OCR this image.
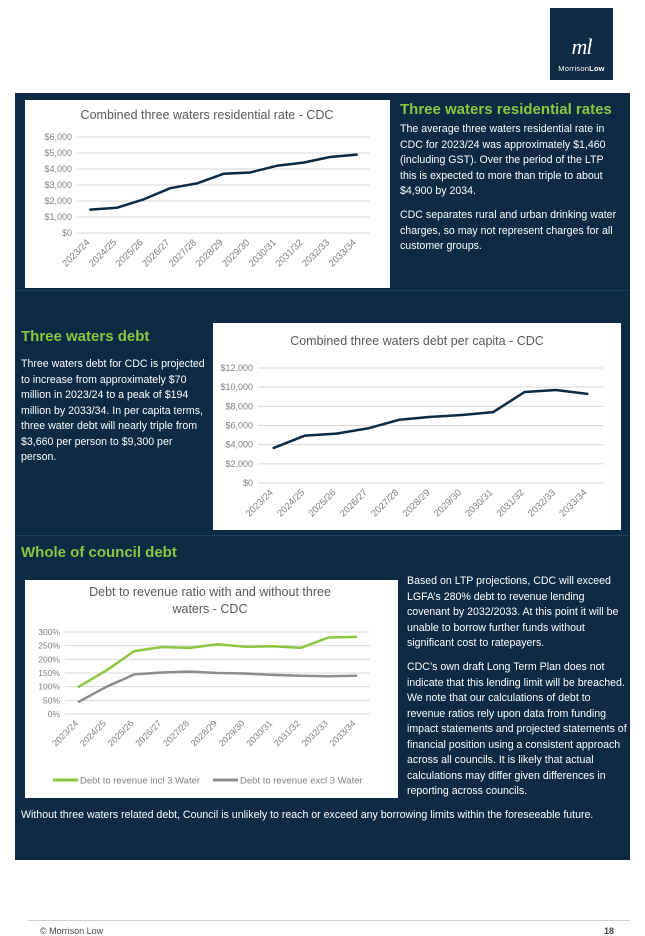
ml
MorrisonLow
Combined three waters residential rate - CDC
$0
$1,000
$2,000
$3,000
$4,000
$5,000
$6,000
2023/24
2024/25
2025/26
2026/27
2027/28
2028/29
2029/30
2030/31
2031/32
2032/33
2033/34
Three waters residential rates

The average three waters residential rate in CDC for 2023/24 was approximately $1,460 (including GST). Over the period of the LTP this is expected to more than triple to about $4,900 by 2034.

CDC separates rural and urban drinking water charges, so may not represent charges for all customer groups.

Three waters debt

Three waters debt for CDC is projected to increase from approximately $70 million in 2023/24 to a peak of $194 million by 2033/34. In per capita terms, three water debt will nearly triple from $3,660 per person to $9,300 per person.

Combined three waters debt per capita - CDC
$0
$2,000
$4,000
$6,000
$8,000
$10,000
$12,000
2023/24 2024/25 2025/26 2026/27 2027/28 2028/29 2029/30 2030/31 2031/32 2032/33 2033/34
Whole of council debt
Debt to revenue ratio with and without three
waters - CDC
0%
50%
100%
150%
200%
250%
300%
2023/24
2024/25
2025/26
2026/27
2027/28
2028/29
2029/30
2030/31
2031/32
2032/33
2033/34
Debt to revenue incl 3 Water	Debt to revenue excl 3 Water

Based on LTP projections, CDC will exceed LGFA’s 280% debt to revenue lending covenant by 2032/2033. At this point it will be unable to borrow further funds without significant cost to ratepayers.

CDC’s own draft Long Term Plan does not indicate that this lending limit will be breached. We note that our calculations of debt to revenue ratios rely upon data from funding impact statements and projected statements of financial position using a consistent approach across all councils. It is likely that actual calculations may differ given differences in reporting across councils.

Without three waters related debt, Council is unlikely to reach or exceed any borrowing limits within the foreseeable future.

© Morrison Low	18
